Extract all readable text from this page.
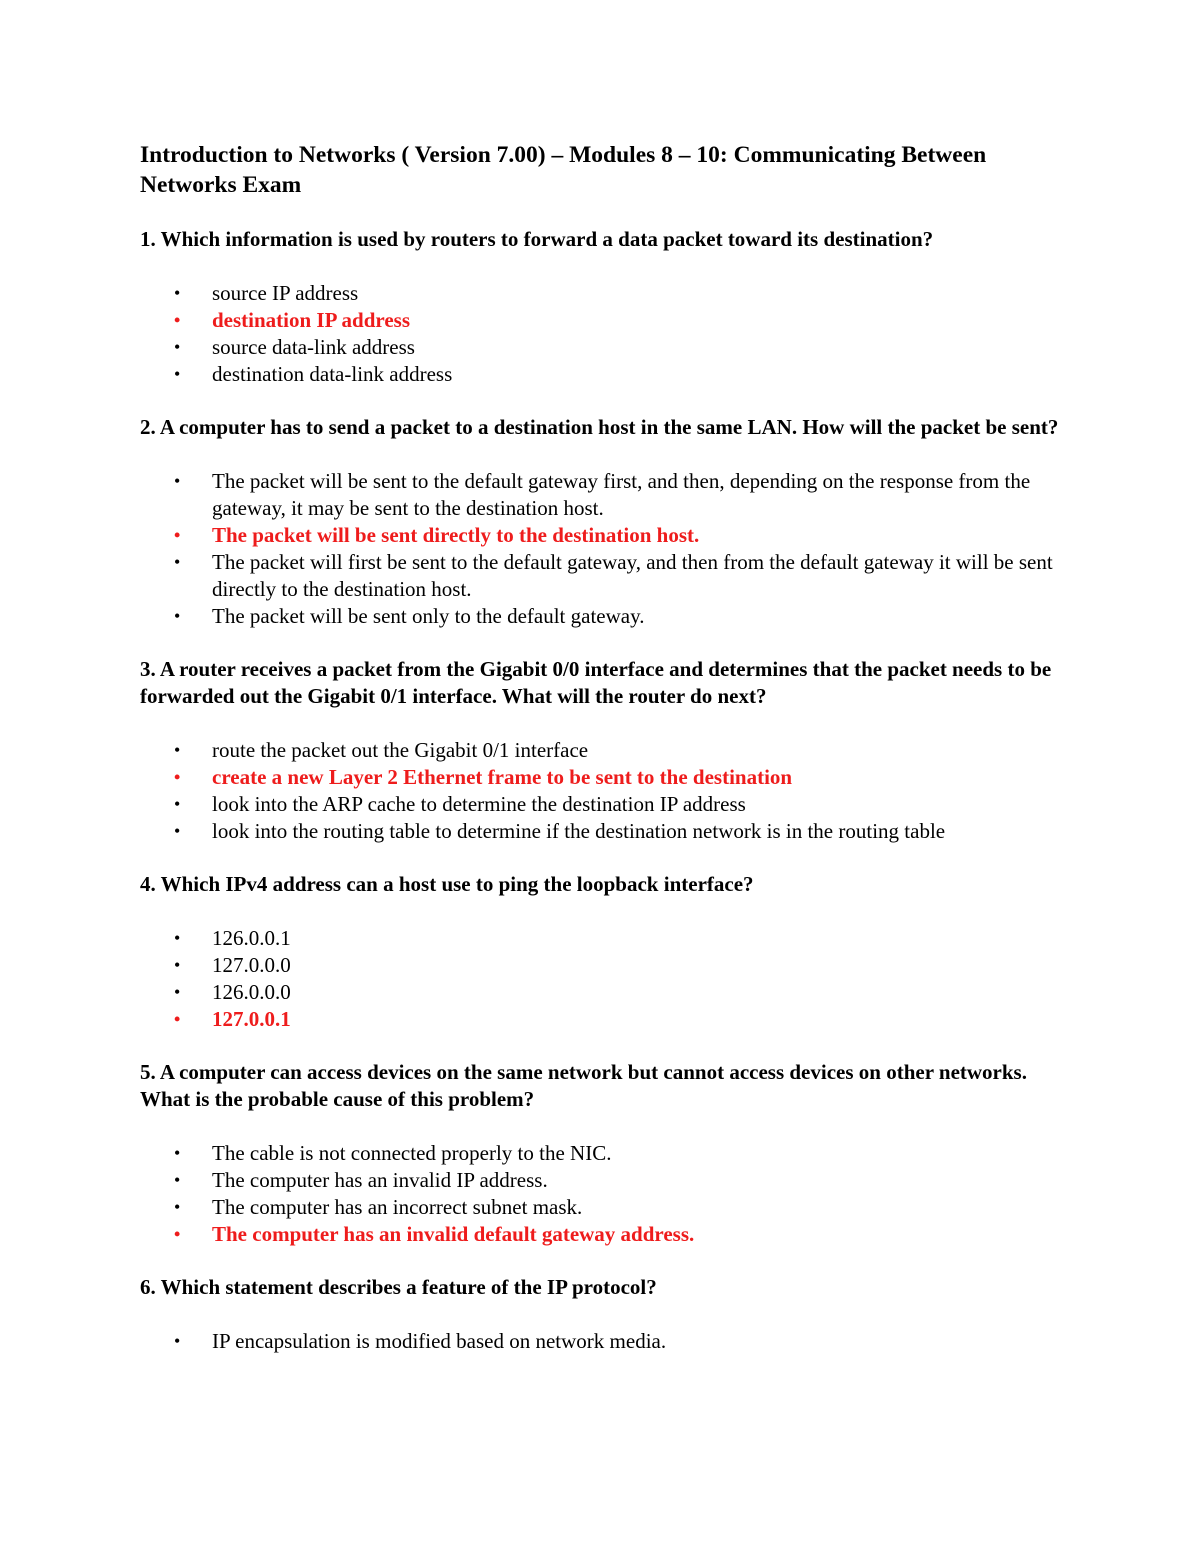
Introduction to Networks ( Version 7.00) – Modules 8 – 10: Communicating Between Networks Exam
1. Which information is used by routers to forward a data packet toward its destination?
• source IP address
• destination IP address
• source data-link address
• destination data-link address
2. A computer has to send a packet to a destination host in the same LAN. How will the packet be sent?
• The packet will be sent to the default gateway first, and then, depending on the response from the gateway, it may be sent to the destination host.
• The packet will be sent directly to the destination host.
• The packet will first be sent to the default gateway, and then from the default gateway it will be sent directly to the destination host.
• The packet will be sent only to the default gateway.
3. A router receives a packet from the Gigabit 0/0 interface and determines that the packet needs to be forwarded out the Gigabit 0/1 interface. What will the router do next?
• route the packet out the Gigabit 0/1 interface
• create a new Layer 2 Ethernet frame to be sent to the destination
• look into the ARP cache to determine the destination IP address
• look into the routing table to determine if the destination network is in the routing table
4. Which IPv4 address can a host use to ping the loopback interface?
• 126.0.0.1
• 127.0.0.0
• 126.0.0.0
• 127.0.0.1
5. A computer can access devices on the same network but cannot access devices on other networks. What is the probable cause of this problem?
• The cable is not connected properly to the NIC.
• The computer has an invalid IP address.
• The computer has an incorrect subnet mask.
• The computer has an invalid default gateway address.
6. Which statement describes a feature of the IP protocol?
• IP encapsulation is modified based on network media.
